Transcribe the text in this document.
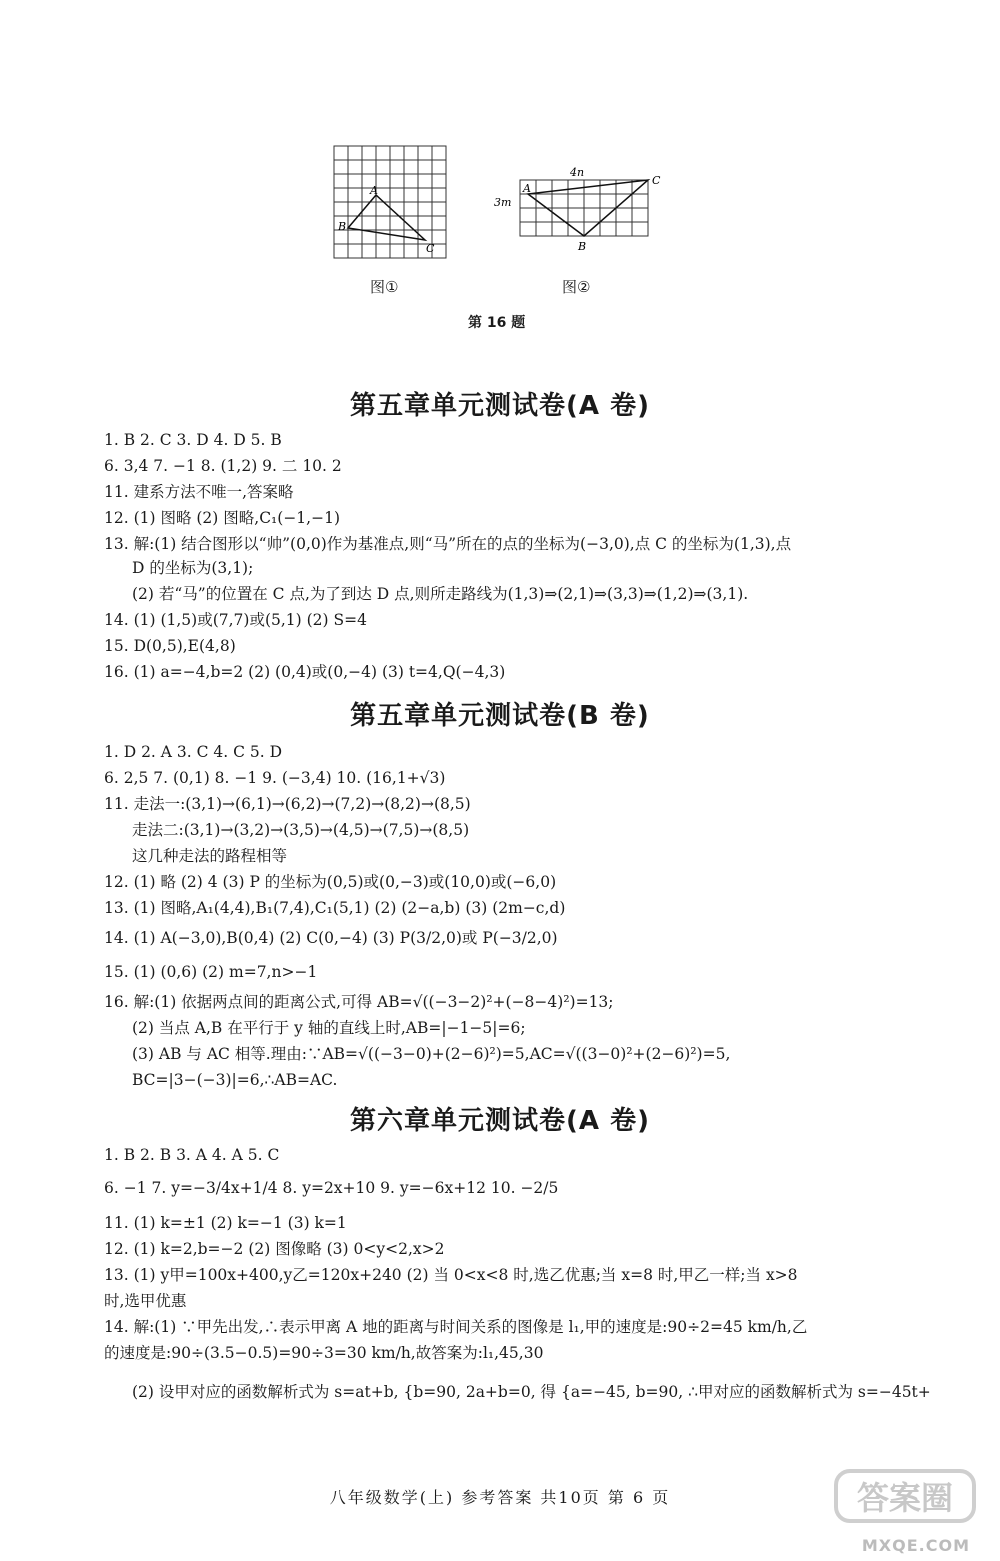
A
B
C
4n
3m
A
C
B
图①	图②
第 16 题
第五章单元测试卷(A 卷)
1. B 2. C 3. D 4. D 5. B
6. 3,4 7. −1 8. (1,2) 9. 二 10. 2
11. 建系方法不唯一,答案略
12. (1) 图略 (2) 图略,C₁(−1,−1)
13. 解:(1) 结合图形以“帅”(0,0)作为基准点,则“马”所在的点的坐标为(−3,0),点 C 的坐标为(1,3),点
D 的坐标为(3,1);
(2) 若“马”的位置在 C 点,为了到达 D 点,则所走路线为(1,3)⇒(2,1)⇒(3,3)⇒(1,2)⇒(3,1).
14. (1) (1,5)或(7,7)或(5,1) (2) S=4
15. D(0,5),E(4,8)
16. (1) a=−4,b=2 (2) (0,4)或(0,−4) (3) t=4,Q(−4,3)
第五章单元测试卷(B 卷)
1. D 2. A 3. C 4. C 5. D
6. 2,5 7. (0,1) 8. −1 9. (−3,4) 10. (16,1+√3)
11. 走法一:(3,1)→(6,1)→(6,2)→(7,2)→(8,2)→(8,5)
走法二:(3,1)→(3,2)→(3,5)→(4,5)→(7,5)→(8,5)
这几种走法的路程相等
12. (1) 略 (2) 4 (3) P 的坐标为(0,5)或(0,−3)或(10,0)或(−6,0)
13. (1) 图略,A₁(4,4),B₁(7,4),C₁(5,1) (2) (2−a,b) (3) (2m−c,d)
14. (1) A(−3,0),B(0,4) (2) C(0,−4) (3) P(3/2,0)或 P(−3/2,0)
15. (1) (0,6) (2) m=7,n>−1
16. 解:(1) 依据两点间的距离公式,可得 AB=√((−3−2)²+(−8−4)²)=13;
(2) 当点 A,B 在平行于 y 轴的直线上时,AB=|−1−5|=6;
(3) AB 与 AC 相等.理由:∵AB=√((−3−0)+(2−6)²)=5,AC=√((3−0)²+(2−6)²)=5,
BC=|3−(−3)|=6,∴AB=AC.
第六章单元测试卷(A 卷)
1. B 2. B 3. A 4. A 5. C
6. −1 7. y=−3/4x+1/4 8. y=2x+10 9. y=−6x+12 10. −2/5
11. (1) k=±1 (2) k=−1 (3) k=1
12. (1) k=2,b=−2 (2) 图像略 (3) 0<y<2,x>2
13. (1) y甲=100x+400,y乙=120x+240 (2) 当 0<x<8 时,选乙优惠;当 x=8 时,甲乙一样;当 x>8
时,选甲优惠
14. 解:(1) ∵甲先出发,∴表示甲离 A 地的距离与时间关系的图像是 l₁,甲的速度是:90÷2=45 km/h,乙
的速度是:90÷(3.5−0.5)=90÷3=30 km/h,故答案为:l₁,45,30
(2) 设甲对应的函数解析式为 s=at+b, {b=90, 2a+b=0, 得 {a=−45, b=90, ∴甲对应的函数解析式为 s=−45t+
八年级数学(上) 参考答案 共10页 第 6 页	答案圈
MXQE.COM
